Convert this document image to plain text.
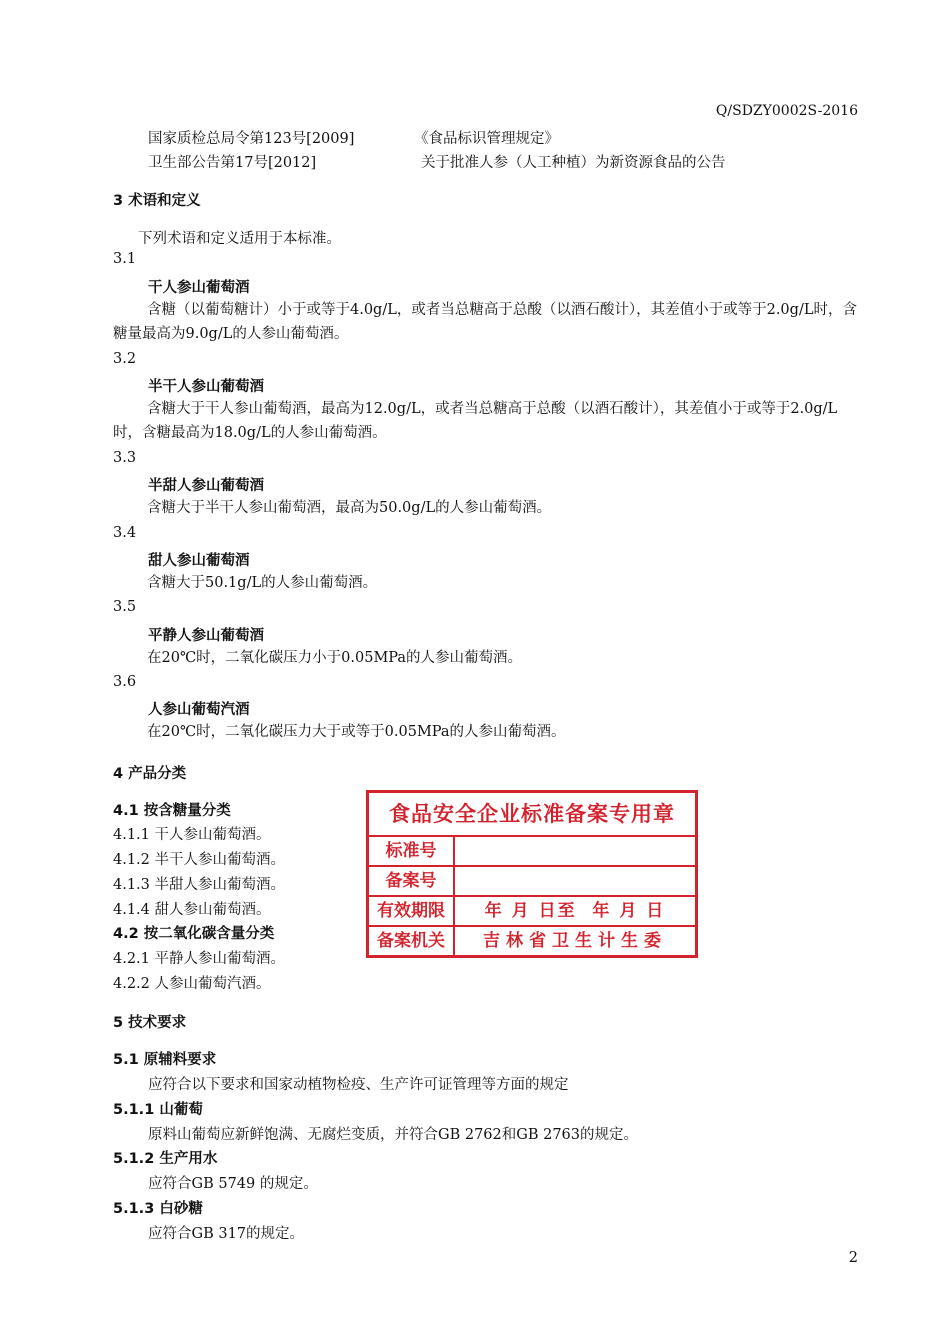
Q/SDZY0002S-2016
国家质检总局令第123号[2009]	《食品标识管理规定》
卫生部公告第17号[2012]	关于批准人参（人工种植）为新资源食品的公告
3 术语和定义
下列术语和定义适用于本标准。
3.1
干人参山葡萄酒
含糖（以葡萄糖计）小于或等于4.0g/L，或者当总糖高于总酸（以酒石酸计），其差值小于或等于2.0g/L时，含糖量最高为9.0g/L的人参山葡萄酒。
3.2
半干人参山葡萄酒
含糖大于干人参山葡萄酒，最高为12.0g/L，或者当总糖高于总酸（以酒石酸计），其差值小于或等于2.0g/L时，含糖最高为18.0g/L的人参山葡萄酒。
3.3
半甜人参山葡萄酒
含糖大于半干人参山葡萄酒，最高为50.0g/L的人参山葡萄酒。
3.4
甜人参山葡萄酒
含糖大于50.1g/L的人参山葡萄酒。
3.5
平静人参山葡萄酒
在20℃时，二氧化碳压力小于0.05MPa的人参山葡萄酒。
3.6
人参山葡萄汽酒
在20℃时，二氧化碳压力大于或等于0.05MPa的人参山葡萄酒。
4 产品分类
4.1 按含糖量分类
4.1.1 干人参山葡萄酒。
4.1.2 半干人参山葡萄酒。
4.1.3 半甜人参山葡萄酒。
4.1.4 甜人参山葡萄酒。
4.2 按二氧化碳含量分类
4.2.1 平静人参山葡萄酒。
4.2.2 人参山葡萄汽酒。
食品安全企业标准备案专用章
标准号
备案号
有效期限	年 月 日至  年 月 日
备案机关	吉林省卫生计生委
5 技术要求
5.1 原辅料要求
应符合以下要求和国家动植物检疫、生产许可证管理等方面的规定
5.1.1 山葡萄
原料山葡萄应新鲜饱满、无腐烂变质，并符合GB 2762和GB 2763的规定。
5.1.2 生产用水
应符合GB 5749 的规定。
5.1.3 白砂糖
应符合GB 317的规定。
2
